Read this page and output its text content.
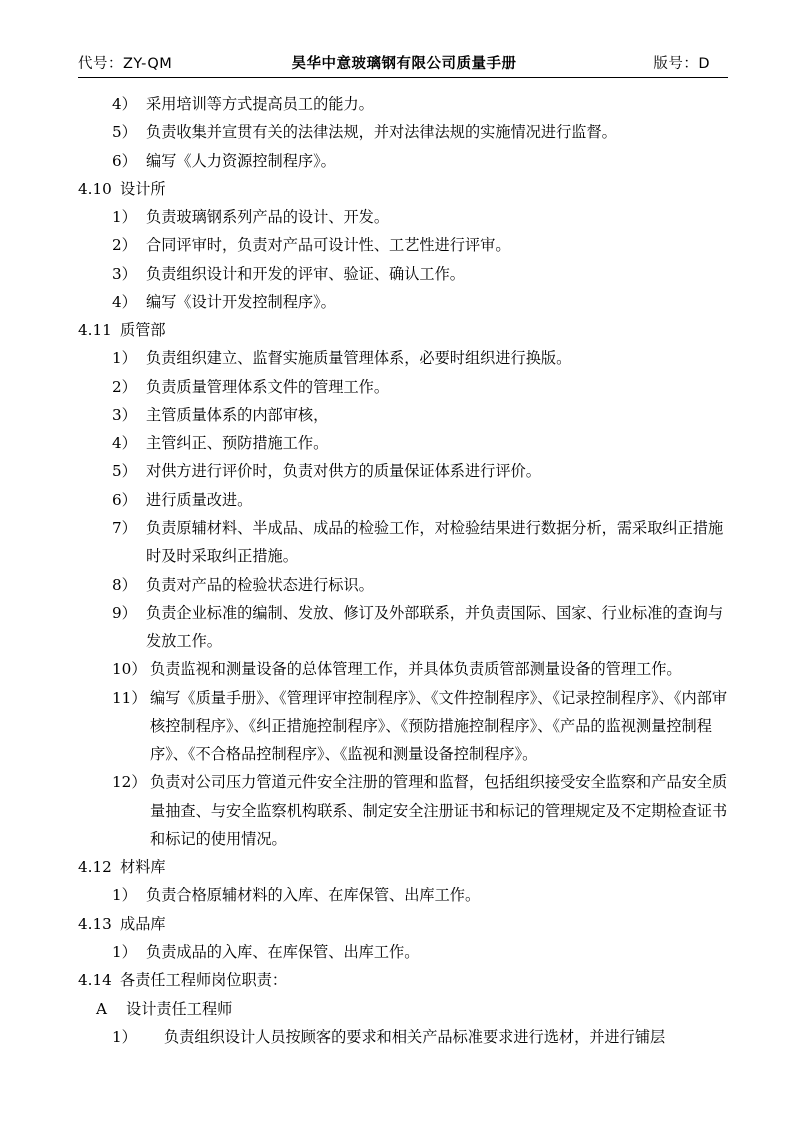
代号：ZY-QM	昊华中意玻璃钢有限公司质量手册	版号：D

4） 采用培训等方式提高员工的能力。

5） 负责收集并宣贯有关的法律法规，并对法律法规的实施情况进行监督。

6） 编写《人力资源控制程序》。

4.10 设计所

1） 负责玻璃钢系列产品的设计、开发。

2） 合同评审时，负责对产品可设计性、工艺性进行评审。

3） 负责组织设计和开发的评审、验证、确认工作。

4） 编写《设计开发控制程序》。

4.11 质管部

1） 负责组织建立、监督实施质量管理体系，必要时组织进行换版。

2） 负责质量管理体系文件的管理工作。

3） 主管质量体系的内部审核，

4） 主管纠正、预防措施工作。

5） 对供方进行评价时，负责对供方的质量保证体系进行评价。

6） 进行质量改进。

7） 负责原辅材料、半成品、成品的检验工作，对检验结果进行数据分析，需采取纠正措施时及时采取纠正措施。

8） 负责对产品的检验状态进行标识。

9） 负责企业标准的编制、发放、修订及外部联系，并负责国际、国家、行业标准的查询与发放工作。

10） 负责监视和测量设备的总体管理工作，并具体负责质管部测量设备的管理工作。

11） 编写《质量手册》、《管理评审控制程序》、《文件控制程序》、《记录控制程序》、《内部审核控制程序》、《纠正措施控制程序》、《预防措施控制程序》、《产品的监视测量控制程序》、《不合格品控制程序》、《监视和测量设备控制程序》。

12） 负责对公司压力管道元件安全注册的管理和监督，包括组织接受安全监察和产品安全质量抽查、与安全监察机构联系、制定安全注册证书和标记的管理规定及不定期检查证书和标记的使用情况。

4.12 材料库

1） 负责合格原辅材料的入库、在库保管、出库工作。

4.13 成品库

1） 负责成品的入库、在库保管、出库工作。

4.14 各责任工程师岗位职责：

A 设计责任工程师

1）	负责组织设计人员按顾客的要求和相关产品标准要求进行选材，并进行铺层
